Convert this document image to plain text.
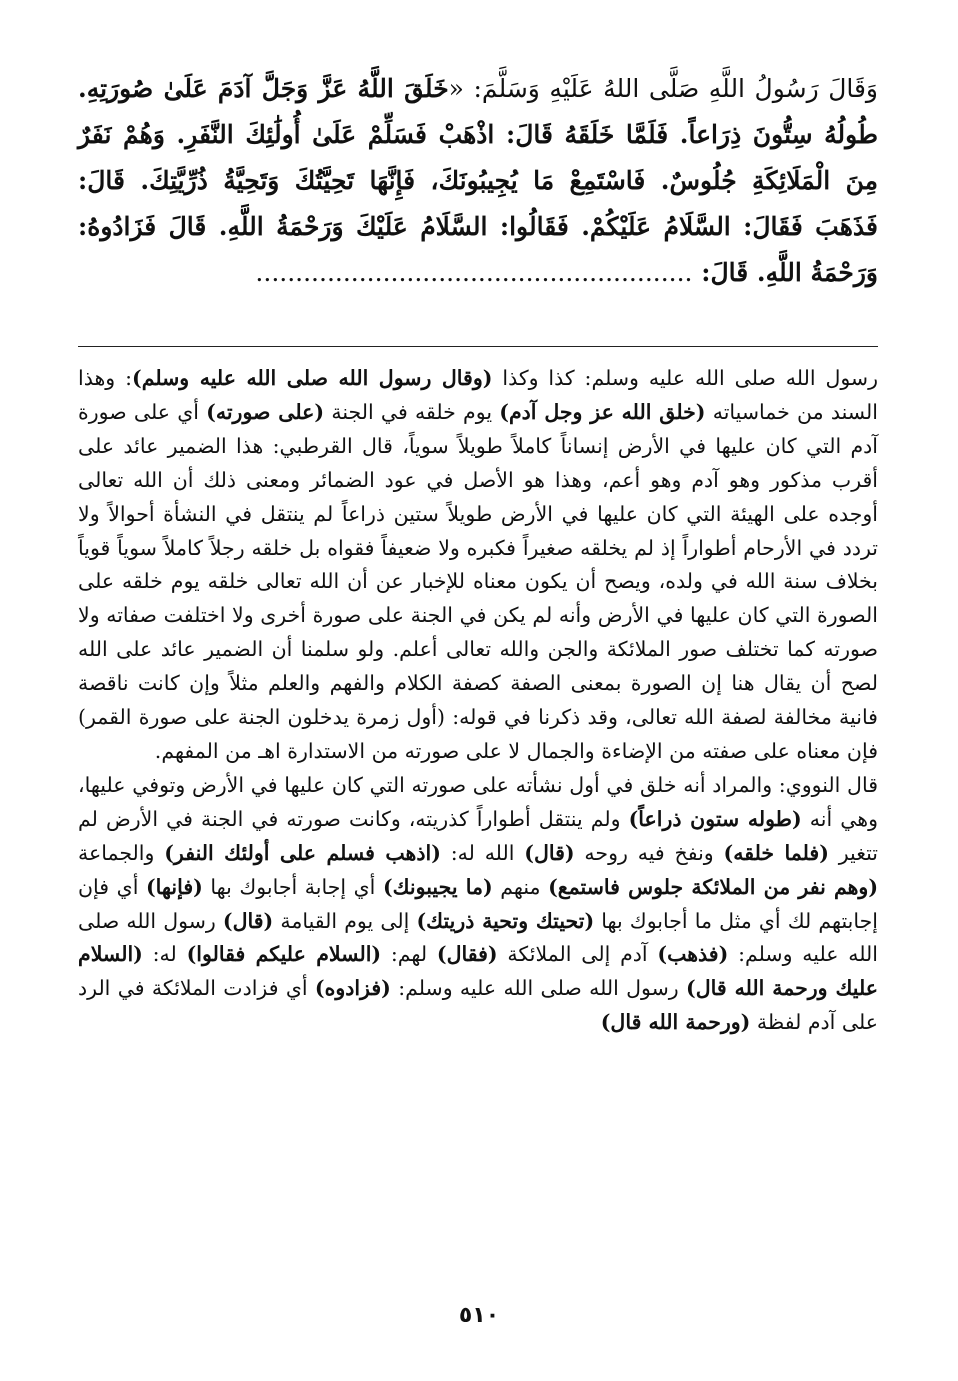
وَقَالَ رَسُولُ اللَّهِ صَلَّى اللهُ عَلَيْهِ وَسَلَّمَ: «خَلَقَ اللَّهُ عَزَّ وَجَلَّ آدَمَ عَلَىٰ صُورَتِهِ. طُولُهُ سِتُّونَ ذِرَاعاً. فَلَمَّا خَلَقَهُ قَالَ: اذْهَبْ فَسَلِّمْ عَلَىٰ أُولَٰئِكَ النَّفَرِ. وَهُمْ نَفَرٌ مِنَ الْمَلَائِكَةِ جُلُوسٌ. فَاسْتَمِعْ مَا يُجِيبُونَكَ، فَإِنَّهَا تَحِيَّتُكَ وَتَحِيَّةُ ذُرِّيَّتِكَ. قَالَ: فَذَهَبَ فَقَالَ: السَّلَامُ عَلَيْكُمْ. فَقَالُوا: السَّلَامُ عَلَيْكَ وَرَحْمَةُ اللَّهِ. قَالَ فَزَادُوهُ: وَرَحْمَةُ اللَّهِ. قَالَ: .......................................................

رسول الله صلى الله عليه وسلم: كذا وكذا (وقال رسول الله صلى الله عليه وسلم): وهذا السند من خماسياته (خلق الله عز وجل آدم) يوم خلقه في الجنة (على صورته) أي على صورة آدم التي كان عليها في الأرض إنساناً كاملاً طويلاً سوياً، قال القرطبي: هذا الضمير عائد على أقرب مذكور وهو آدم وهو أعم، وهذا هو الأصل في عود الضمائر ومعنى ذلك أن الله تعالى أوجده على الهيئة التي كان عليها في الأرض طويلاً ستين ذراعاً لم ينتقل في النشأة أحوالاً ولا تردد في الأرحام أطواراً إذ لم يخلقه صغيراً فكبره ولا ضعيفاً فقواه بل خلقه رجلاً كاملاً سوياً قوياً بخلاف سنة الله في ولده، ويصح أن يكون معناه للإخبار عن أن الله تعالى خلقه يوم خلقه على الصورة التي كان عليها في الأرض وأنه لم يكن في الجنة على صورة أخرى ولا اختلفت صفاته ولا صورته كما تختلف صور الملائكة والجن والله تعالى أعلم. ولو سلمنا أن الضمير عائد على الله لصح أن يقال هنا إن الصورة بمعنى الصفة كصفة الكلام والفهم والعلم مثلاً وإن كانت ناقصة فانية مخالفة لصفة الله تعالى، وقد ذكرنا في قوله: (أول زمرة يدخلون الجنة على صورة القمر) فإن معناه على صفته من الإضاءة والجمال لا على صورته من الاستدارة اهـ من المفهم.

قال النووي: والمراد أنه خلق في أول نشأته على صورته التي كان عليها في الأرض وتوفي عليها، وهي أنه (طوله ستون ذراعاً) ولم ينتقل أطواراً كذريته، وكانت صورته في الجنة في الأرض لم تتغير (فلما خلقه) ونفخ فيه روحه (قال) الله له: (اذهب فسلم على أولئك النفر) والجماعة (وهم نفر من الملائكة جلوس فاستمع) منهم (ما يجيبونك) أي إجابة أجابوك بها (فإنها) أي فإن إجابتهم لك أي مثل ما أجابوك بها (تحيتك وتحية ذريتك) إلى يوم القيامة (قال) رسول الله صلى الله عليه وسلم: (فذهب) آدم إلى الملائكة (فقال) لهم: (السلام عليكم فقالوا) له: (السلام عليك ورحمة الله قال) رسول الله صلى الله عليه وسلم: (فزادوه) أي فزادت الملائكة في الرد على آدم لفظة (ورحمة الله قال)

٥١٠
